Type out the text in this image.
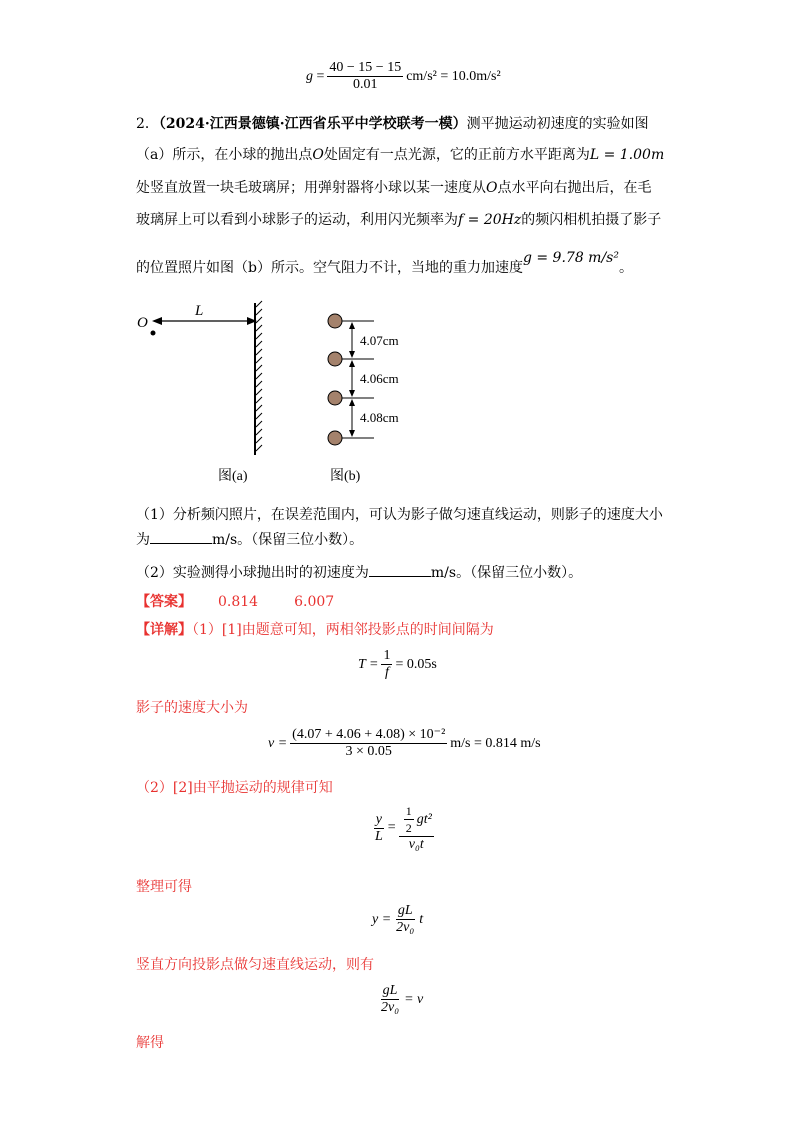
$g = \frac{40 - 15 - 15}{0.01} cm/s^2 = 10.0m/s^2$
2．（2024·江西景德镇·江西省乐平中学校联考一模）测平抛运动初速度的实验如图
（a）所示，在小球的抛出点O处固定有一点光源，它的正前方水平距离为L = 1.00m
处竖直放置一块毛玻璃屏；用弹射器将小球以某一速度从O点水平向右抛出后，在毛
玻璃屏上可以看到小球影子的运动，利用闪光频率为f = 20Hz的频闪相机拍摄了影子
的位置照片如图（b）所示。空气阻力不计，当地的重力加速度g = 9.78 m/s²。
O
L
图(a)
4.07cm
4.06cm
4.08cm
图(b)
（1）分析频闪照片，在误差范围内，可认为影子做匀速直线运动，则影子的速度大小
为	m/s。（保留三位小数）。
（2）实验测得小球抛出时的初速度为	m/s。（保留三位小数）。
【答案】 0.814	6.007
【详解】（1）[1]由题意可知，两相邻投影点的时间间隔为
$T = \frac{1}{f} = 0.05s$
影子的速度大小为
$v = \frac{\text{(4.07 + 4.06 + 4.08) × 10⁻²}}{3 \times 0.05} m/s = 0.814$ m/s
（2）[2]由平抛运动的规律可知
$\frac{y}{L} = \frac{\frac{1}{2} gt^2}{\text{v₀t}}$
整理可得
$y = \frac{gL}{\text{2v₀}}$ t
竖直方向投影点做匀速直线运动，则有
$\frac{gL}{\text{2v₀}} = v$
解得
